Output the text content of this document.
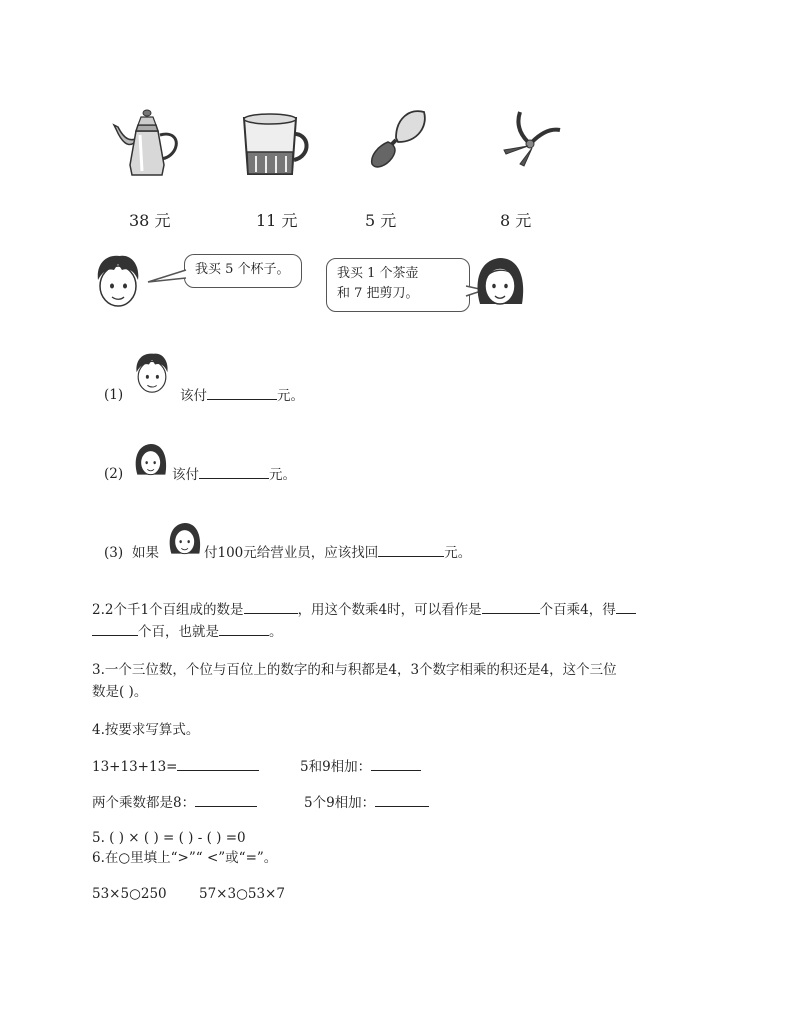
38 元	11 元	5 元	8 元
我买 5 个杯子。	我买 1 个茶壶
和 7 把剪刀。
(1)	该付	元。
(2)	该付	元。
(3) 如果	付100元给营业员，应该找回	元。
2.2个千1个百组成的数是	，用这个数乘4时，可以看作是	个百乘4，得
个百，也就是	。
3.一个三位数，个位与百位上的数字的和与积都是4，3个数字相乘的积还是4，这个三位
数是( )。
4.按要求写算式。
13+13+13=	5和9相加：
两个乘数都是8：	5个9相加：
5. ( ) × ( ) = ( ) - ( ) =0
6.在○里填上“>”“ <”或“=”。
53×5○250 57×3○53×7
